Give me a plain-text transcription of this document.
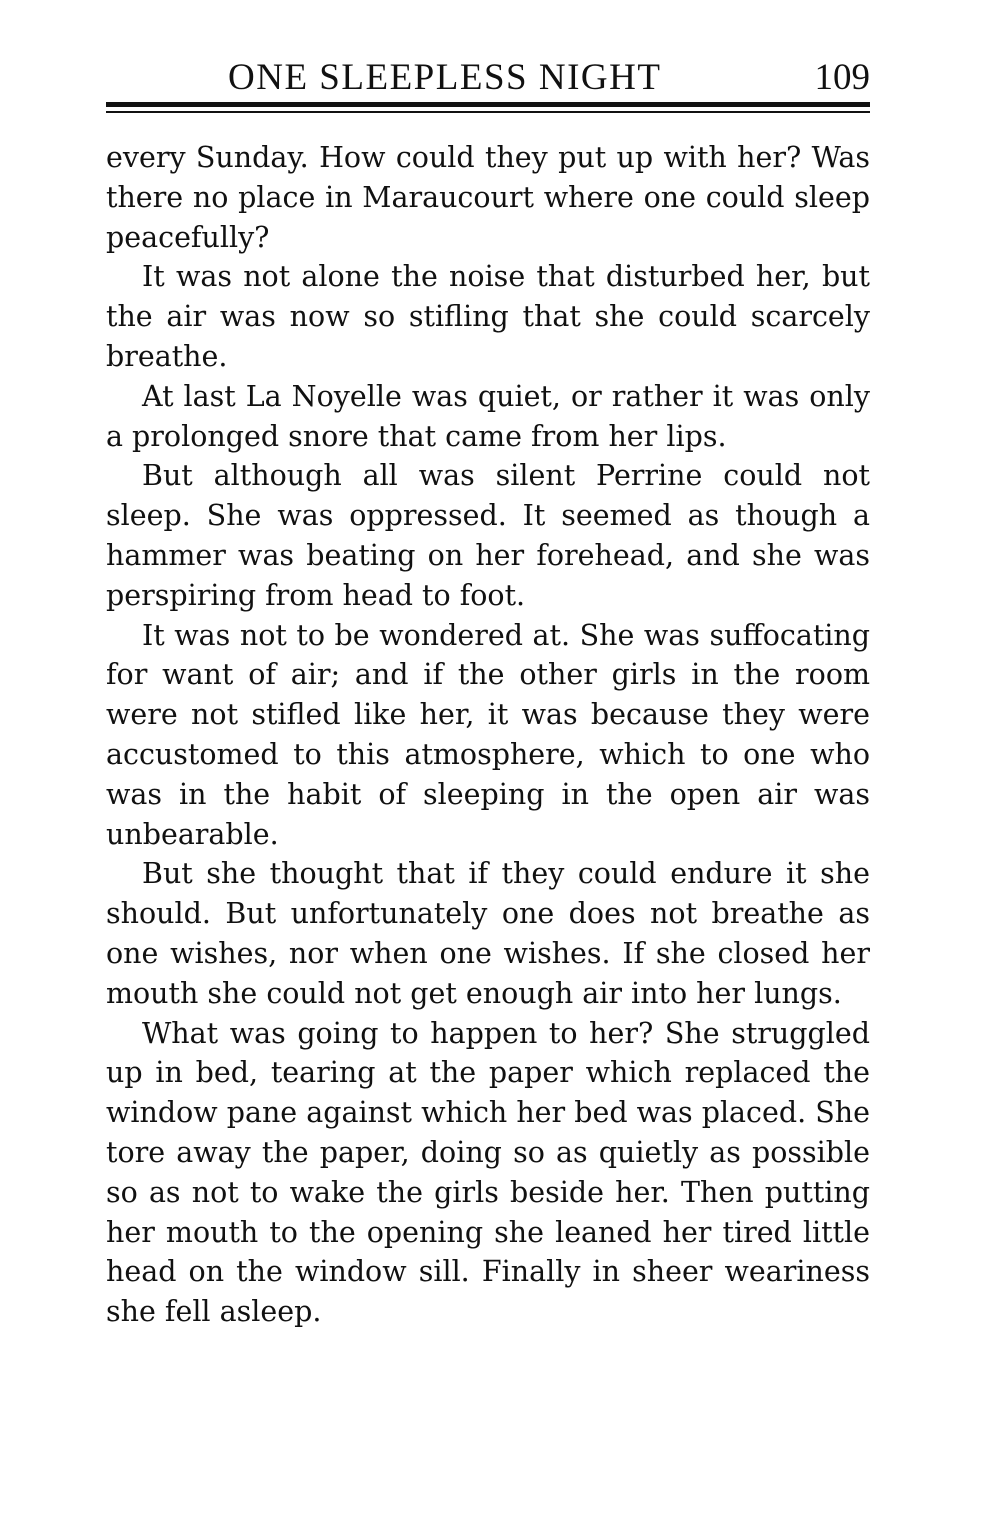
ONE SLEEPLESS NIGHT	109

every Sunday. How could they put up with her? Was there no place in Maraucourt where one could sleep peacefully?

It was not alone the noise that disturbed her, but the air was now so stifling that she could scarcely breathe.

At last La Noyelle was quiet, or rather it was only a prolonged snore that came from her lips.

But although all was silent Perrine could not sleep. She was oppressed. It seemed as though a hammer was beating on her forehead, and she was perspiring from head to foot.

It was not to be wondered at. She was suffocating for want of air; and if the other girls in the room were not stifled like her, it was because they were accustomed to this atmosphere, which to one who was in the habit of sleeping in the open air was unbearable.

But she thought that if they could endure it she should. But unfortunately one does not breathe as one wishes, nor when one wishes. If she closed her mouth she could not get enough air into her lungs.

What was going to happen to her? She struggled up in bed, tearing at the paper which replaced the window pane against which her bed was placed. She tore away the paper, doing so as quietly as possible so as not to wake the girls beside her. Then putting her mouth to the opening she leaned her tired little head on the window sill. Finally in sheer weariness she fell asleep.
